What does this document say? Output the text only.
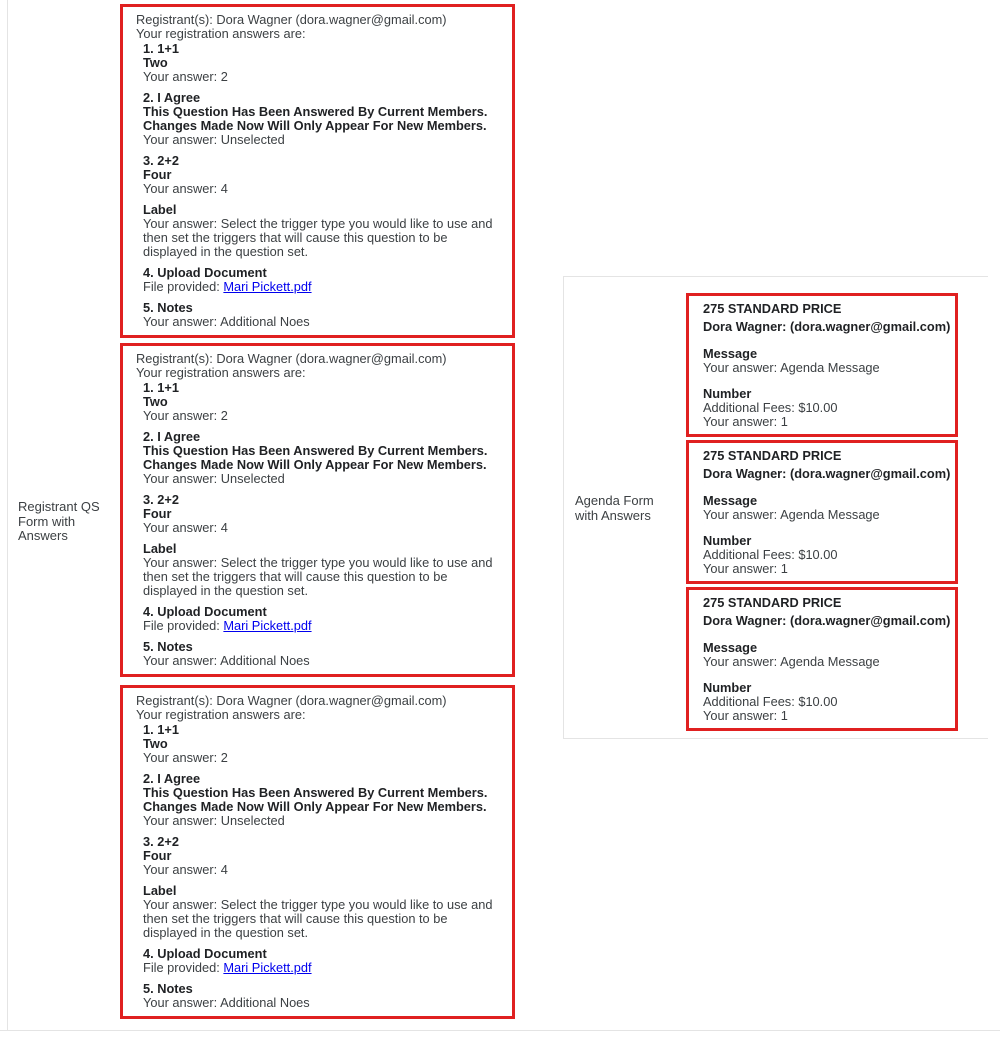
Registrant QS Form with Answers
Agenda Form with Answers
Registrant(s): Dora Wagner (dora.wagner@gmail.com)
Your registration answers are:
1. 1+1
Two
Your answer: 2
2. I Agree
This Question Has Been Answered By Current Members. Changes Made Now Will Only Appear For New Members.
Your answer: Unselected
3. 2+2
Four
Your answer: 4
Label
Your answer: Select the trigger type you would like to use and then set the triggers that will cause this question to be displayed in the question set.
4. Upload Document
File provided: Mari Pickett.pdf
5. Notes
Your answer: Additional Noes
Registrant(s): Dora Wagner (dora.wagner@gmail.com)
Your registration answers are:
1. 1+1
Two
Your answer: 2
2. I Agree
This Question Has Been Answered By Current Members. Changes Made Now Will Only Appear For New Members.
Your answer: Unselected
3. 2+2
Four
Your answer: 4
Label
Your answer: Select the trigger type you would like to use and then set the triggers that will cause this question to be displayed in the question set.
4. Upload Document
File provided: Mari Pickett.pdf
5. Notes
Your answer: Additional Noes
Registrant(s): Dora Wagner (dora.wagner@gmail.com)
Your registration answers are:
1. 1+1
Two
Your answer: 2
2. I Agree
This Question Has Been Answered By Current Members. Changes Made Now Will Only Appear For New Members.
Your answer: Unselected
3. 2+2
Four
Your answer: 4
Label
Your answer: Select the trigger type you would like to use and then set the triggers that will cause this question to be displayed in the question set.
4. Upload Document
File provided: Mari Pickett.pdf
5. Notes
Your answer: Additional Noes
275 STANDARD PRICE
Dora Wagner: (dora.wagner@gmail.com)
Message
Your answer: Agenda Message
Number
Additional Fees: $10.00
Your answer: 1
275 STANDARD PRICE
Dora Wagner: (dora.wagner@gmail.com)
Message
Your answer: Agenda Message
Number
Additional Fees: $10.00
Your answer: 1
275 STANDARD PRICE
Dora Wagner: (dora.wagner@gmail.com)
Message
Your answer: Agenda Message
Number
Additional Fees: $10.00
Your answer: 1
